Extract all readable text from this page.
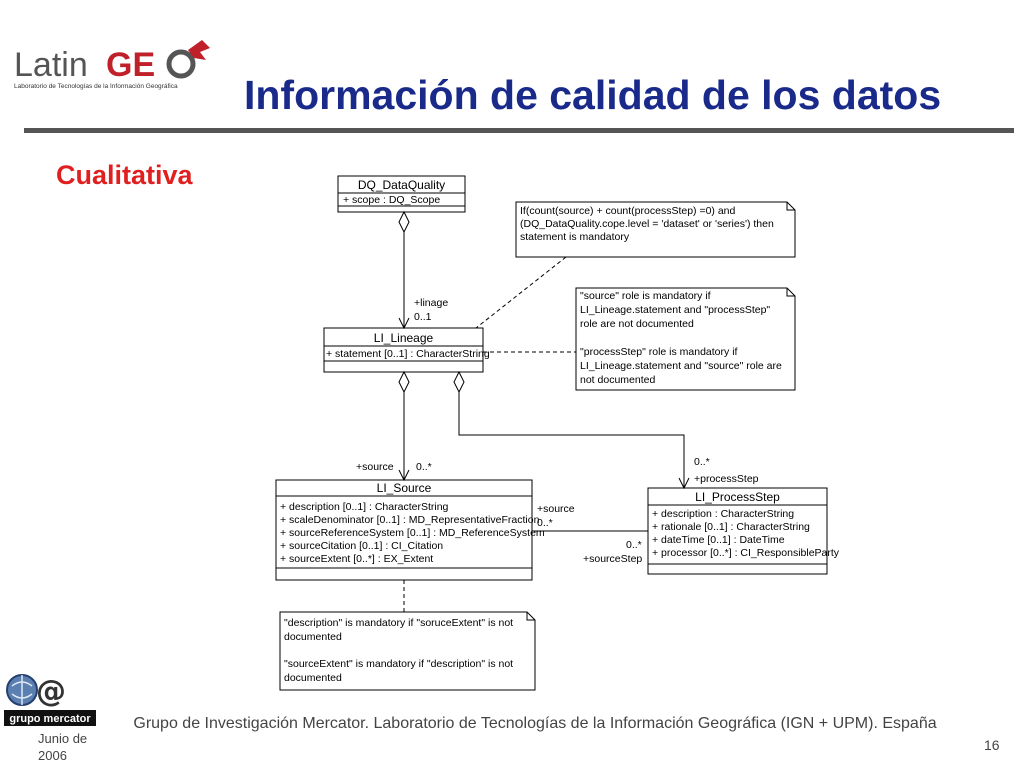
Latin GE
Laboratorio de Tecnologías de la Información Geográfica Información de calidad de los datos
Cualitativa	DQ_DataQuality
+ scope : DQ_Scope
LI_Lineage
+ statement [0..1] : CharacterString
LI_Source
+ description [0..1] : CharacterString
+ scaleDenominator [0..1] : MD_RepresentativeFraction
+ sourceReferenceSystem [0..1] : MD_ReferenceSystem
+ sourceCitation [0..1] : CI_Citation
+ sourceExtent [0..*] : EX_Extent
LI_ProcessStep
+ description : CharacterString
+ rationale [0..1] : CharacterString
+ dateTime [0..1] : DateTime
+ processor [0..*] : CI_ResponsibleParty
+linage
0..1
+source 0..*	0..*
+processStep
+source
0..*
0..*
+sourceStep
If(count(source) + count(processStep) =0) and
(DQ_DataQuality.cope.level = 'dataset' or 'series') then
statement is mandatory
"source" role is mandatory if
LI_Lineage.statement and "processStep"
role are not documented
"processStep" role is mandatory if
LI_Lineage.statement and "source" role are
not documented
"description" is mandatory if "soruceExtent" is not
documented
"sourceExtent" is mandatory if "description" is not
documented
@
grupo mercator
Junio de 2006
Grupo de Investigación Mercator. Laboratorio de Tecnologías de la Información Geográfica (IGN + UPM). España
16
